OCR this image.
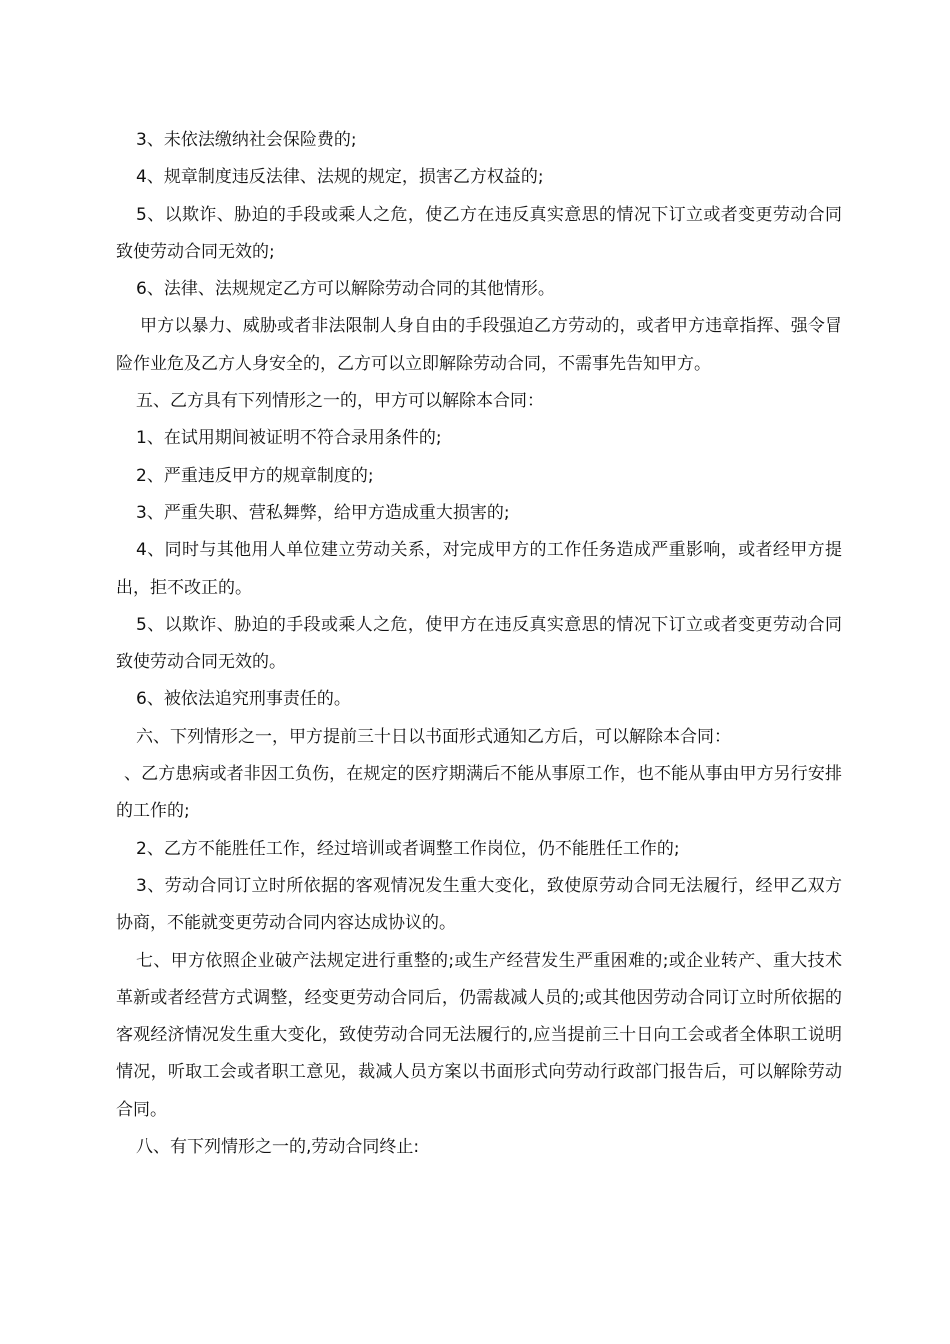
3、未依法缴纳社会保险费的;

4、规章制度违反法律、法规的规定，损害乙方权益的;

5、以欺诈、胁迫的手段或乘人之危，使乙方在违反真实意思的情况下订立或者变更劳动合同致使劳动合同无效的;

6、法律、法规规定乙方可以解除劳动合同的其他情形。

甲方以暴力、威胁或者非法限制人身自由的手段强迫乙方劳动的，或者甲方违章指挥、强令冒险作业危及乙方人身安全的，乙方可以立即解除劳动合同，不需事先告知甲方。

五、乙方具有下列情形之一的，甲方可以解除本合同：

1、在试用期间被证明不符合录用条件的;

2、严重违反甲方的规章制度的;

3、严重失职、营私舞弊，给甲方造成重大损害的;

4、同时与其他用人单位建立劳动关系，对完成甲方的工作任务造成严重影响，或者经甲方提出，拒不改正的。

5、以欺诈、胁迫的手段或乘人之危，使甲方在违反真实意思的情况下订立或者变更劳动合同致使劳动合同无效的。

6、被依法追究刑事责任的。

六、下列情形之一，甲方提前三十日以书面形式通知乙方后，可以解除本合同：

、乙方患病或者非因工负伤，在规定的医疗期满后不能从事原工作，也不能从事由甲方另行安排的工作的;

2、乙方不能胜任工作，经过培训或者调整工作岗位，仍不能胜任工作的;

3、劳动合同订立时所依据的客观情况发生重大变化，致使原劳动合同无法履行，经甲乙双方协商，不能就变更劳动合同内容达成协议的。

七、甲方依照企业破产法规定进行重整的;或生产经营发生严重困难的;或企业转产、重大技术革新或者经营方式调整，经变更劳动合同后，仍需裁减人员的;或其他因劳动合同订立时所依据的客观经济情况发生重大变化，致使劳动合同无法履行的,应当提前三十日向工会或者全体职工说明情况，听取工会或者职工意见，裁减人员方案以书面形式向劳动行政部门报告后，可以解除劳动合同。

八、有下列情形之一的,劳动合同终止:
